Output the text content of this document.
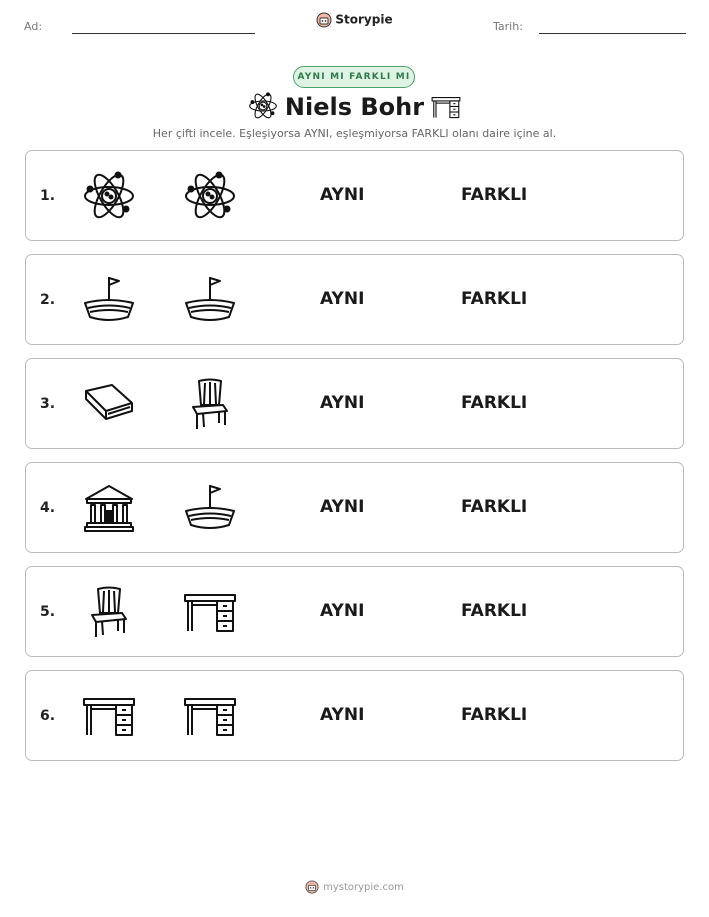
Ad:	Storypie	Tarih:
AYNI MI FARKLI MI
Niels Bohr
Her çifti incele. Eşleşiyorsa AYNI, eşleşmiyorsa FARKLI olanı daire içine al.
1.	AYNI	FARKLI
2.	AYNI	FARKLI
3.	AYNI	FARKLI
4.	AYNI	FARKLI
5.	AYNI	FARKLI
6.	AYNI	FARKLI
mystorypie.com
